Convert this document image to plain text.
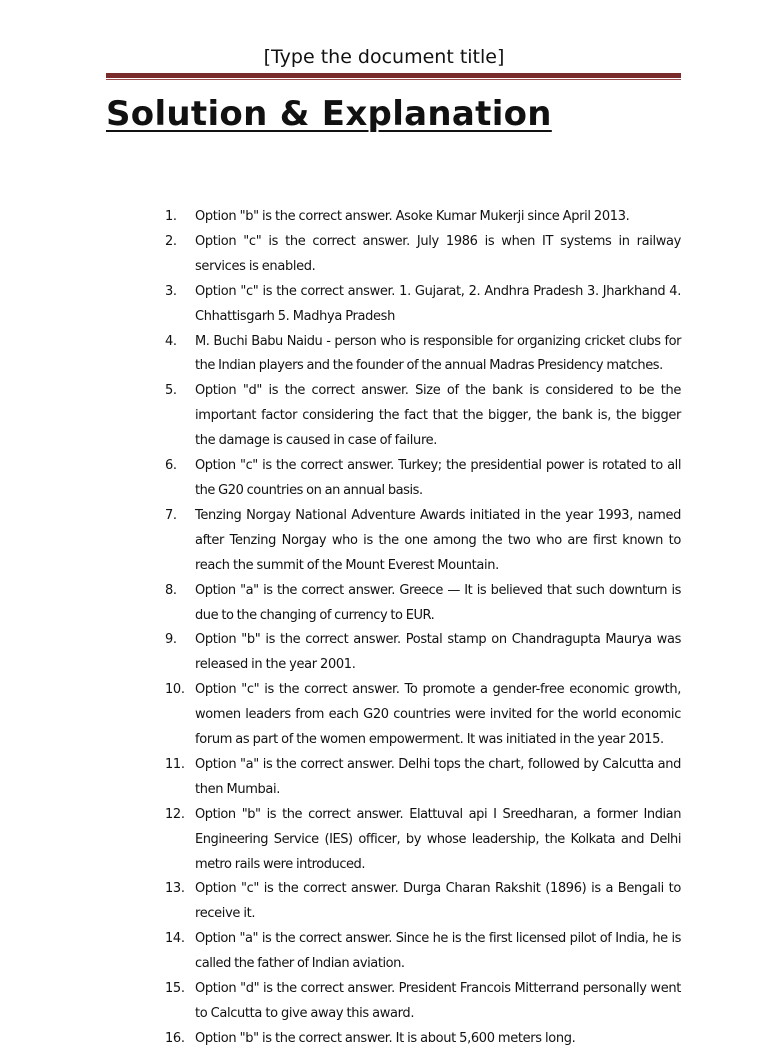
[Type the document title]
Solution & Explanation
1.	Option "b" is the correct answer. Asoke Kumar Mukerji since April 2013.
2.	Option "c" is the correct answer. July 1986 is when IT systems in railway services is enabled.
3.	Option "c" is the correct answer. 1. Gujarat, 2. Andhra Pradesh 3. Jharkhand 4. Chhattisgarh 5. Madhya Pradesh
4.	M. Buchi Babu Naidu - person who is responsible for organizing cricket clubs for the Indian players and the founder of the annual Madras Presidency matches.
5.	Option "d" is the correct answer. Size of the bank is considered to be the important factor considering the fact that the bigger, the bank is, the bigger the damage is caused in case of failure.
6.	Option "c" is the correct answer. Turkey; the presidential power is rotated to all the G20 countries on an annual basis.
7.	Tenzing Norgay National Adventure Awards initiated in the year 1993, named after Tenzing Norgay who is the one among the two who are first known to reach the summit of the Mount Everest Mountain.
8.	Option "a" is the correct answer. Greece — It is believed that such downturn is due to the changing of currency to EUR.
9.	Option "b" is the correct answer. Postal stamp on Chandragupta Maurya was released in the year 2001.
10. Option "c" is the correct answer. To promote a gender-free economic growth, women leaders from each G20 countries were invited for the world economic forum as part of the women empowerment. It was initiated in the year 2015.
11. Option "a" is the correct answer. Delhi tops the chart, followed by Calcutta and then Mumbai.
12. Option "b" is the correct answer. Elattuval api I Sreedharan, a former Indian Engineering Service (IES) officer, by whose leadership, the Kolkata and Delhi metro rails were introduced.
13. Option "c" is the correct answer. Durga Charan Rakshit (1896) is a Bengali to receive it.
14. Option "a" is the correct answer. Since he is the first licensed pilot of India, he is called the father of Indian aviation.
15. Option "d" is the correct answer. President Francois Mitterrand personally went to Calcutta to give away this award.
16. Option "b" is the correct answer. It is about 5,600 meters long.
